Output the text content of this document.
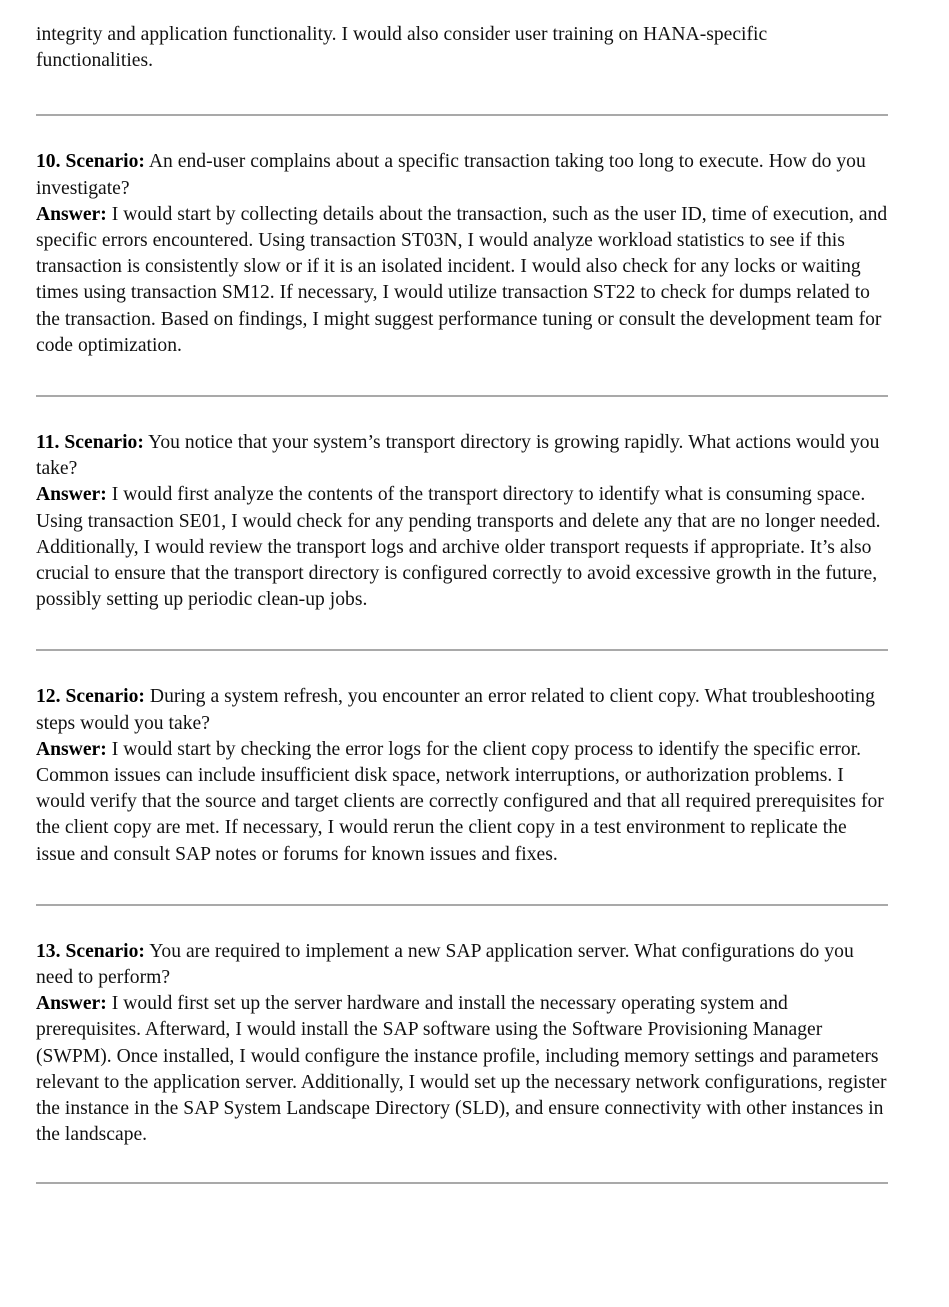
integrity and application functionality. I would also consider user training on HANA-specific functionalities.

10. Scenario: An end-user complains about a specific transaction taking too long to execute. How do you investigate?

Answer: I would start by collecting details about the transaction, such as the user ID, time of execution, and specific errors encountered. Using transaction ST03N, I would analyze workload statistics to see if this transaction is consistently slow or if it is an isolated incident. I would also check for any locks or waiting times using transaction SM12. If necessary, I would utilize transaction ST22 to check for dumps related to the transaction. Based on findings, I might suggest performance tuning or consult the development team for code optimization.

11. Scenario: You notice that your system’s transport directory is growing rapidly. What actions would you take?

Answer: I would first analyze the contents of the transport directory to identify what is consuming space. Using transaction SE01, I would check for any pending transports and delete any that are no longer needed. Additionally, I would review the transport logs and archive older transport requests if appropriate. It’s also crucial to ensure that the transport directory is configured correctly to avoid excessive growth in the future, possibly setting up periodic clean-up jobs.

12. Scenario: During a system refresh, you encounter an error related to client copy. What troubleshooting steps would you take?

Answer: I would start by checking the error logs for the client copy process to identify the specific error. Common issues can include insufficient disk space, network interruptions, or authorization problems. I would verify that the source and target clients are correctly configured and that all required prerequisites for the client copy are met. If necessary, I would rerun the client copy in a test environment to replicate the issue and consult SAP notes or forums for known issues and fixes.

13. Scenario: You are required to implement a new SAP application server. What configurations do you need to perform?

Answer: I would first set up the server hardware and install the necessary operating system and prerequisites. Afterward, I would install the SAP software using the Software Provisioning Manager (SWPM). Once installed, I would configure the instance profile, including memory settings and parameters relevant to the application server. Additionally, I would set up the necessary network configurations, register the instance in the SAP System Landscape Directory (SLD), and ensure connectivity with other instances in the landscape.
